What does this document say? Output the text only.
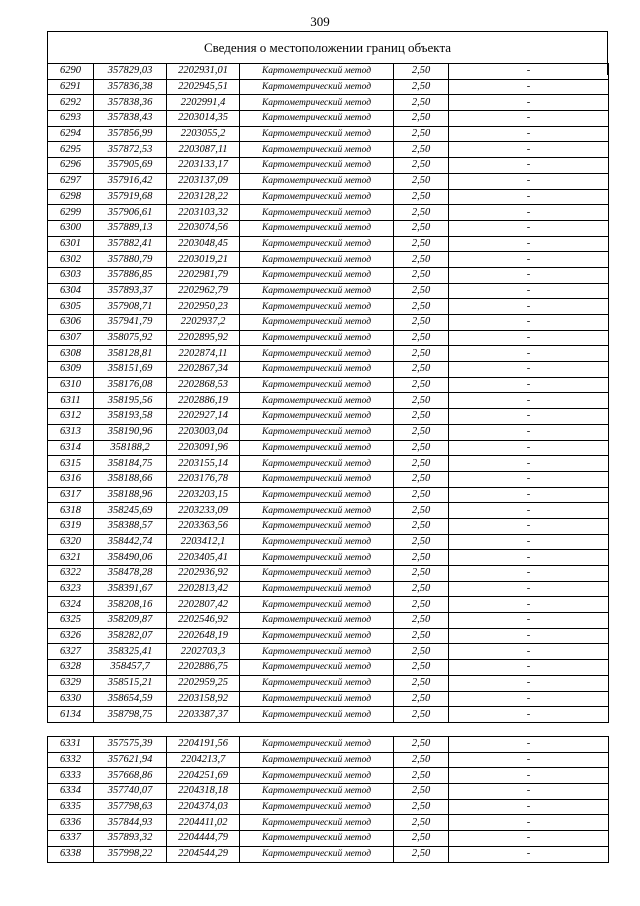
309
Сведения о местоположении границ объекта
6290	357829,03	2202931,01	Картометрический метод	2,50	-
6291	357836,38	2202945,51	Картометрический метод	2,50	-
6292	357838,36	2202991,4	Картометрический метод	2,50	-
6293	357838,43	2203014,35	Картометрический метод	2,50	-
6294	357856,99	2203055,2	Картометрический метод	2,50	-
6295	357872,53	2203087,11	Картометрический метод	2,50	-
6296	357905,69	2203133,17	Картометрический метод	2,50	-
6297	357916,42	2203137,09	Картометрический метод	2,50	-
6298	357919,68	2203128,22	Картометрический метод	2,50	-
6299	357906,61	2203103,32	Картометрический метод	2,50	-
6300	357889,13	2203074,56	Картометрический метод	2,50	-
6301	357882,41	2203048,45	Картометрический метод	2,50	-
6302	357880,79	2203019,21	Картометрический метод	2,50	-
6303	357886,85	2202981,79	Картометрический метод	2,50	-
6304	357893,37	2202962,79	Картометрический метод	2,50	-
6305	357908,71	2202950,23	Картометрический метод	2,50	-
6306	357941,79	2202937,2	Картометрический метод	2,50	-
6307	358075,92	2202895,92	Картометрический метод	2,50	-
6308	358128,81	2202874,11	Картометрический метод	2,50	-
6309	358151,69	2202867,34	Картометрический метод	2,50	-
6310	358176,08	2202868,53	Картометрический метод	2,50	-
6311	358195,56	2202886,19	Картометрический метод	2,50	-
6312	358193,58	2202927,14	Картометрический метод	2,50	-
6313	358190,96	2203003,04	Картометрический метод	2,50	-
6314	358188,2	2203091,96	Картометрический метод	2,50	-
6315	358184,75	2203155,14	Картометрический метод	2,50	-
6316	358188,66	2203176,78	Картометрический метод	2,50	-
6317	358188,96	2203203,15	Картометрический метод	2,50	-
6318	358245,69	2203233,09	Картометрический метод	2,50	-
6319	358388,57	2203363,56	Картометрический метод	2,50	-
6320	358442,74	2203412,1	Картометрический метод	2,50	-
6321	358490,06	2203405,41	Картометрический метод	2,50	-
6322	358478,28	2202936,92	Картометрический метод	2,50	-
6323	358391,67	2202813,42	Картометрический метод	2,50	-
6324	358208,16	2202807,42	Картометрический метод	2,50	-
6325	358209,87	2202546,92	Картометрический метод	2,50	-
6326	358282,07	2202648,19	Картометрический метод	2,50	-
6327	358325,41	2202703,3	Картометрический метод	2,50	-
6328	358457,7	2202886,75	Картометрический метод	2,50	-
6329	358515,21	2202959,25	Картометрический метод	2,50	-
6330	358654,59	2203158,92	Картометрический метод	2,50	-
6134	358798,75	2203387,37	Картометрический метод	2,50	-
6331	357575,39	2204191,56	Картометрический метод	2,50	-
6332	357621,94	2204213,7	Картометрический метод	2,50	-
6333	357668,86	2204251,69	Картометрический метод	2,50	-
6334	357740,07	2204318,18	Картометрический метод	2,50	-
6335	357798,63	2204374,03	Картометрический метод	2,50	-
6336	357844,93	2204411,02	Картометрический метод	2,50	-
6337	357893,32	2204444,79	Картометрический метод	2,50	-
6338	357998,22	2204544,29	Картометрический метод	2,50	-
